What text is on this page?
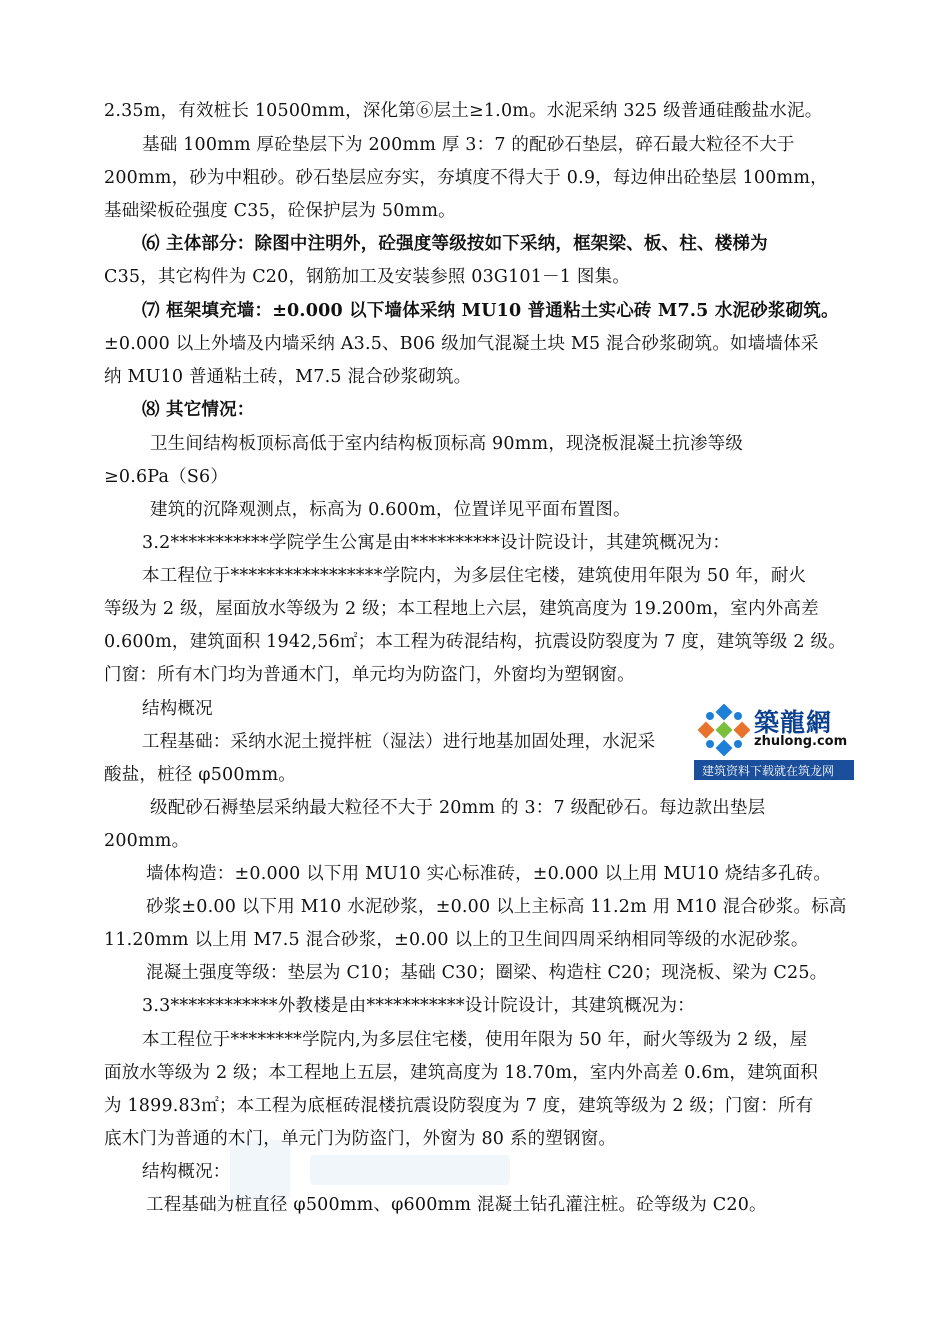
2.35m，有效桩长 10500mm，深化第⑥层土≥1.0m。水泥采纳 325 级普通硅酸盐水泥。
基础 100mm 厚砼垫层下为 200mm 厚 3：7 的配砂石垫层，碎石最大粒径不大于
200mm，砂为中粗砂。砂石垫层应夯实，夯填度不得大于 0.9，每边伸出砼垫层 100mm，
基础梁板砼强度 C35，砼保护层为 50mm。
⑹ 主体部分：除图中注明外，砼强度等级按如下采纳，框架梁、板、柱、楼梯为
C35，其它构件为 C20，钢筋加工及安装参照 03G101－1 图集。
⑺ 框架填充墙：±0.000 以下墙体采纳 MU10 普通粘土实心砖 M7.5 水泥砂浆砌筑。
±0.000 以上外墙及内墙采纳 A3.5、B06 级加气混凝土块 M5 混合砂浆砌筑。如墙墙体采
纳 MU10 普通粘土砖，M7.5 混合砂浆砌筑。
⑻ 其它情况：
卫生间结构板顶标高低于室内结构板顶标高 90mm，现浇板混凝土抗渗等级
≥0.6Pa（S6）
建筑的沉降观测点，标高为 0.600m，位置详见平面布置图。
3.2***********学院学生公寓是由**********设计院设计，其建筑概况为：
本工程位于*****************学院内，为多层住宅楼，建筑使用年限为 50 年，耐火
等级为 2 级，屋面放水等级为 2 级；本工程地上六层，建筑高度为 19.200m，室内外高差
0.600m，建筑面积 1942,56㎡；本工程为砖混结构，抗震设防裂度为 7 度，建筑等级 2 级。
门窗：所有木门均为普通木门，单元均为防盗门，外窗均为塑钢窗。
结构概况
工程基础：采纳水泥土搅拌桩（湿法）进行地基加固处理，水泥采
酸盐，桩径 φ500mm。
级配砂石褥垫层采纳最大粒径不大于 20mm 的 3：7 级配砂石。每边款出垫层
200mm。
墙体构造：±0.000 以下用 MU10 实心标准砖，±0.000 以上用 MU10 烧结多孔砖。
砂浆±0.00 以下用 M10 水泥砂浆，±0.00 以上主标高 11.2m 用 M10 混合砂浆。标高
11.20mm 以上用 M7.5 混合砂浆，±0.00 以上的卫生间四周采纳相同等级的水泥砂浆。
混凝土强度等级：垫层为 C10；基础 C30；圈梁、构造柱 C20；现浇板、梁为 C25。
3.3************外教楼是由***********设计院设计，其建筑概况为：
本工程位于********学院内,为多层住宅楼，使用年限为 50 年，耐火等级为 2 级，屋
面放水等级为 2 级；本工程地上五层，建筑高度为 18.70m，室内外高差 0.6m，建筑面积
为 1899.83㎡；本工程为底框砖混楼抗震设防裂度为 7 度，建筑等级为 2 级；门窗：所有
底木门为普通的木门，单元门为防盗门，外窗为 80 系的塑钢窗。
结构概况：
工程基础为桩直径 φ500mm、φ600mm 混凝土钻孔灌注桩。砼等级为 C20。
築龍網
zhulong.com
建筑资料下载就在筑龙网
